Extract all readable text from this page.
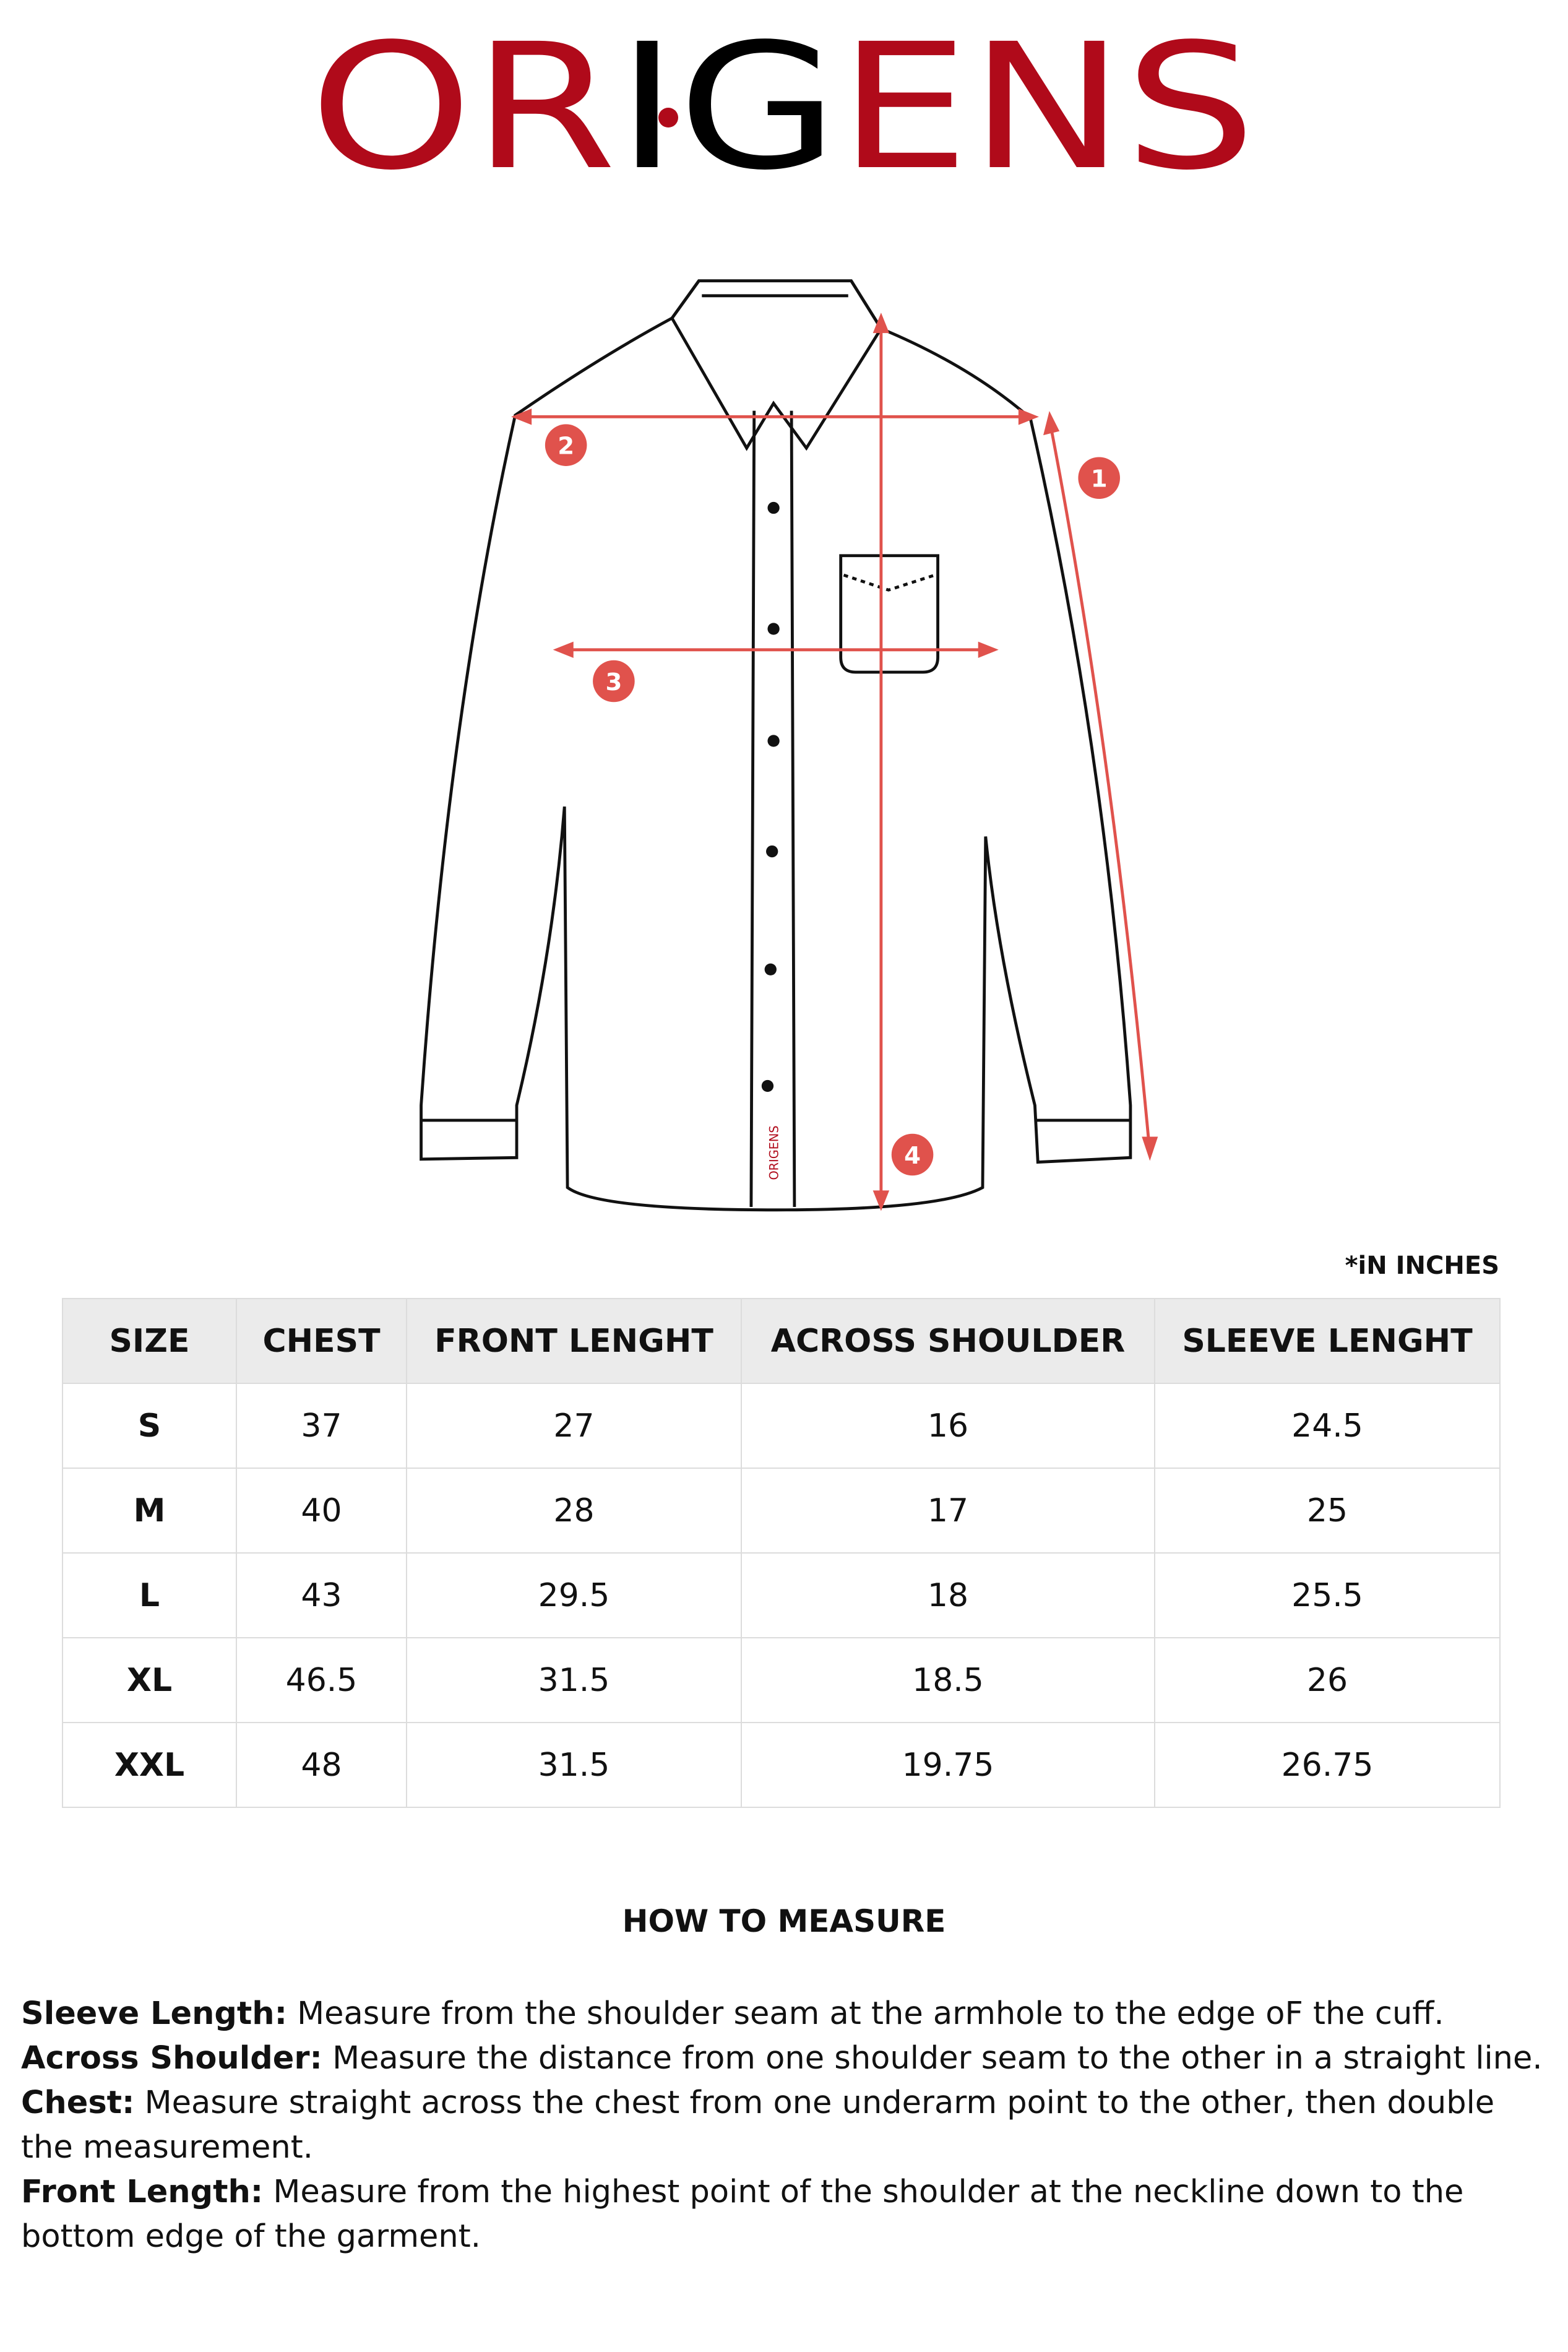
OR IG ENS
1
2
3
4
ORIGENS
*iN INCHES
SIZE	CHEST	FRONT LENGHT	ACROSS SHOULDER	SLEEVE LENGHT
S	37	27	16	24.5
M	40	28	17	25
L	43	29.5	18	25.5
XL	46.5	31.5	18.5	26
XXL	48	31.5	19.75	26.75
HOW TO MEASURE
Sleeve Length: Measure from the shoulder seam at the armhole to the edge oF the cuff.
Across Shoulder: Measure the distance from one shoulder seam to the other in a straight line.
Chest: Measure straight across the chest from one underarm point to the other, then double the measurement.
Front Length: Measure from the highest point of the shoulder at the neckline down to the bottom edge of the garment.
